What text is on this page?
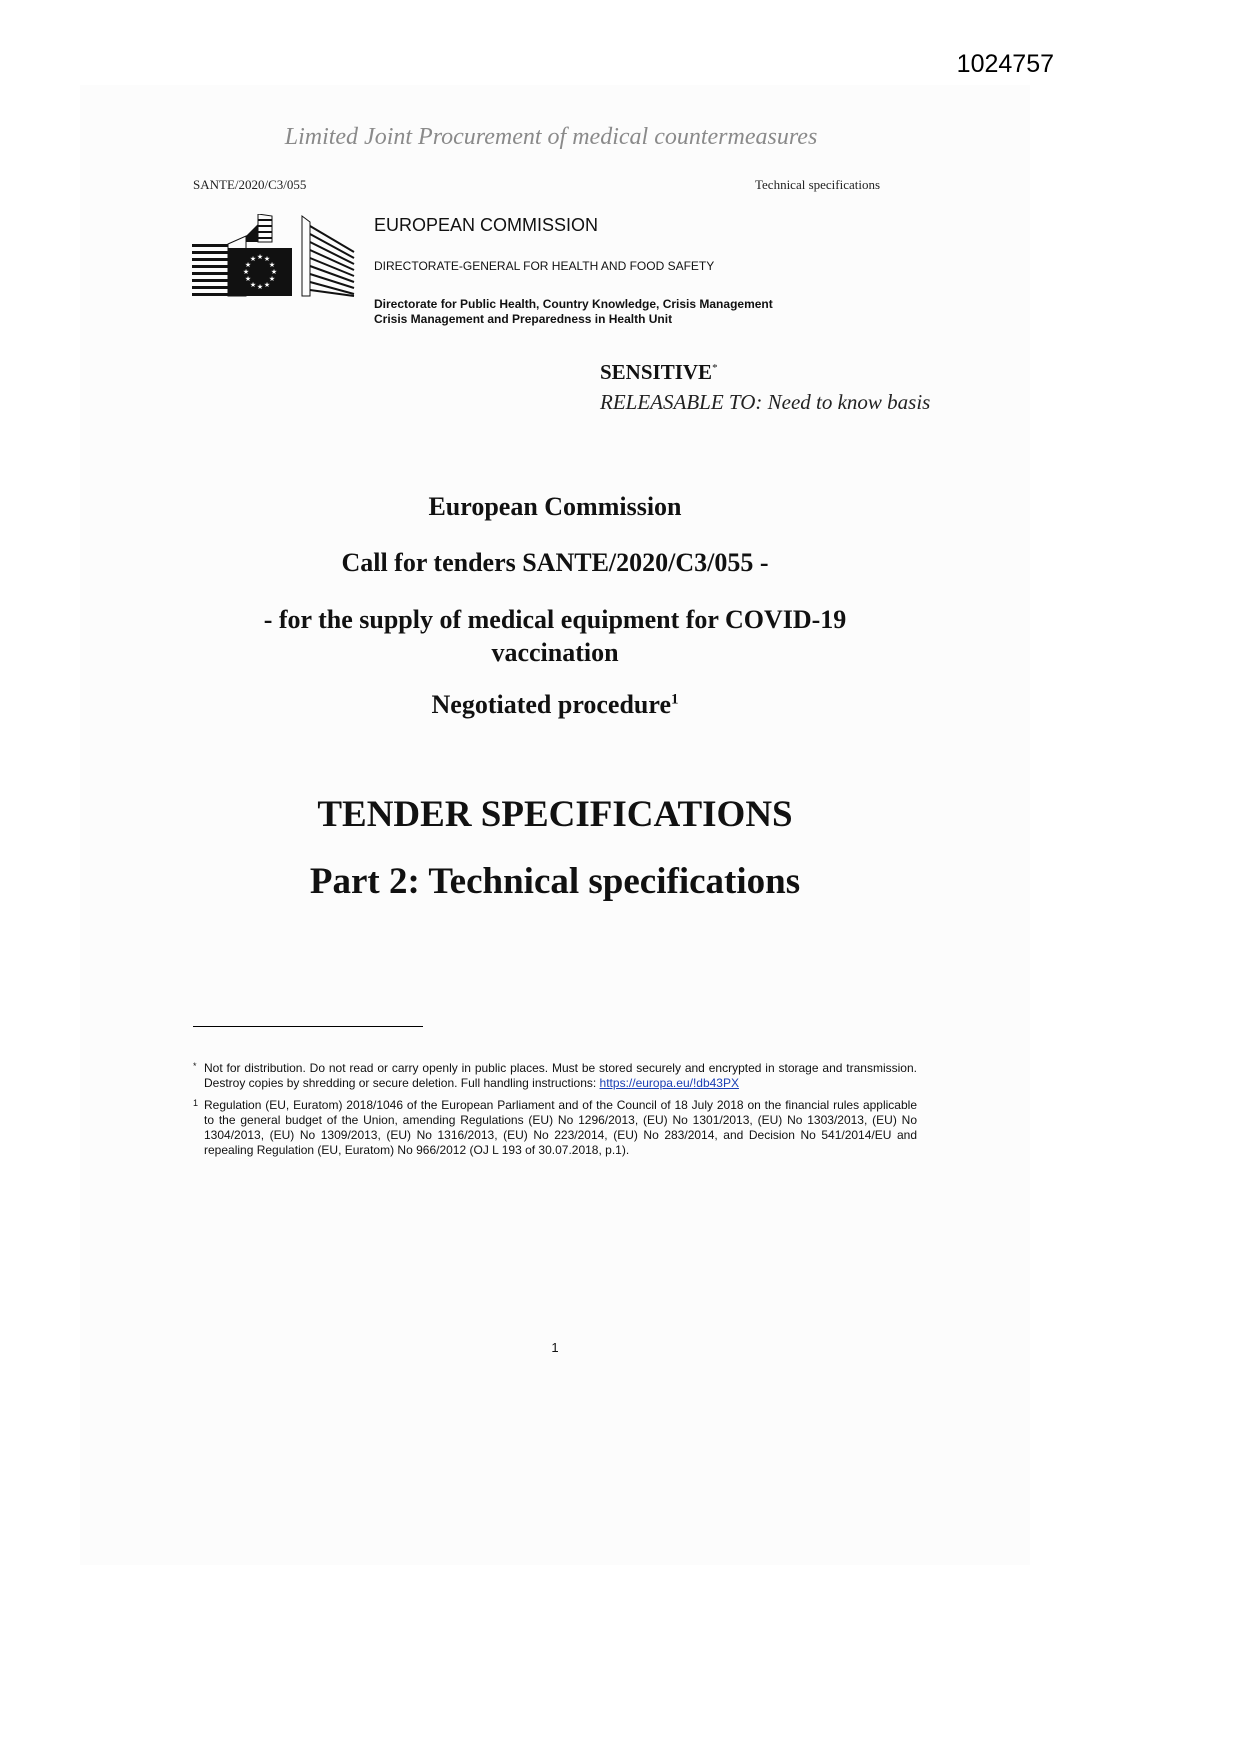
1024757
Limited Joint Procurement of medical countermeasures
SANTE/2020/C3/055	Technical specifications
★ ★
★
★
★
★
★
★
★
★
★
★
EUROPEAN COMMISSION
DIRECTORATE-GENERAL FOR HEALTH AND FOOD SAFETY
Directorate for Public Health, Country Knowledge, Crisis Management
Crisis Management and Preparedness in Health Unit
SENSITIVE*
RELEASABLE TO: Need to know basis
European Commission
Call for tenders SANTE/2020/C3/055 -
- for the supply of medical equipment for COVID-19
vaccination
Negotiated procedure$^1$
TENDER SPECIFICATIONS
Part 2: Technical specifications
* Not for distribution. Do not read or carry openly in public places. Must be stored securely and encrypted in storage and transmission. Destroy copies by shredding or secure deletion. Full handling instructions: https://europa.eu/!db43PX
1 Regulation (EU, Euratom) 2018/1046 of the European Parliament and of the Council of 18 July 2018 on the financial rules applicable to the general budget of the Union, amending Regulations (EU) No 1296/2013, (EU) No 1301/2013, (EU) No 1303/2013, (EU) No 1304/2013, (EU) No 1309/2013, (EU) No 1316/2013, (EU) No 223/2014, (EU) No 283/2014, and Decision No 541/2014/EU and repealing Regulation (EU, Euratom) No 966/2012 (OJ L 193 of 30.07.2018, p.1).
1
